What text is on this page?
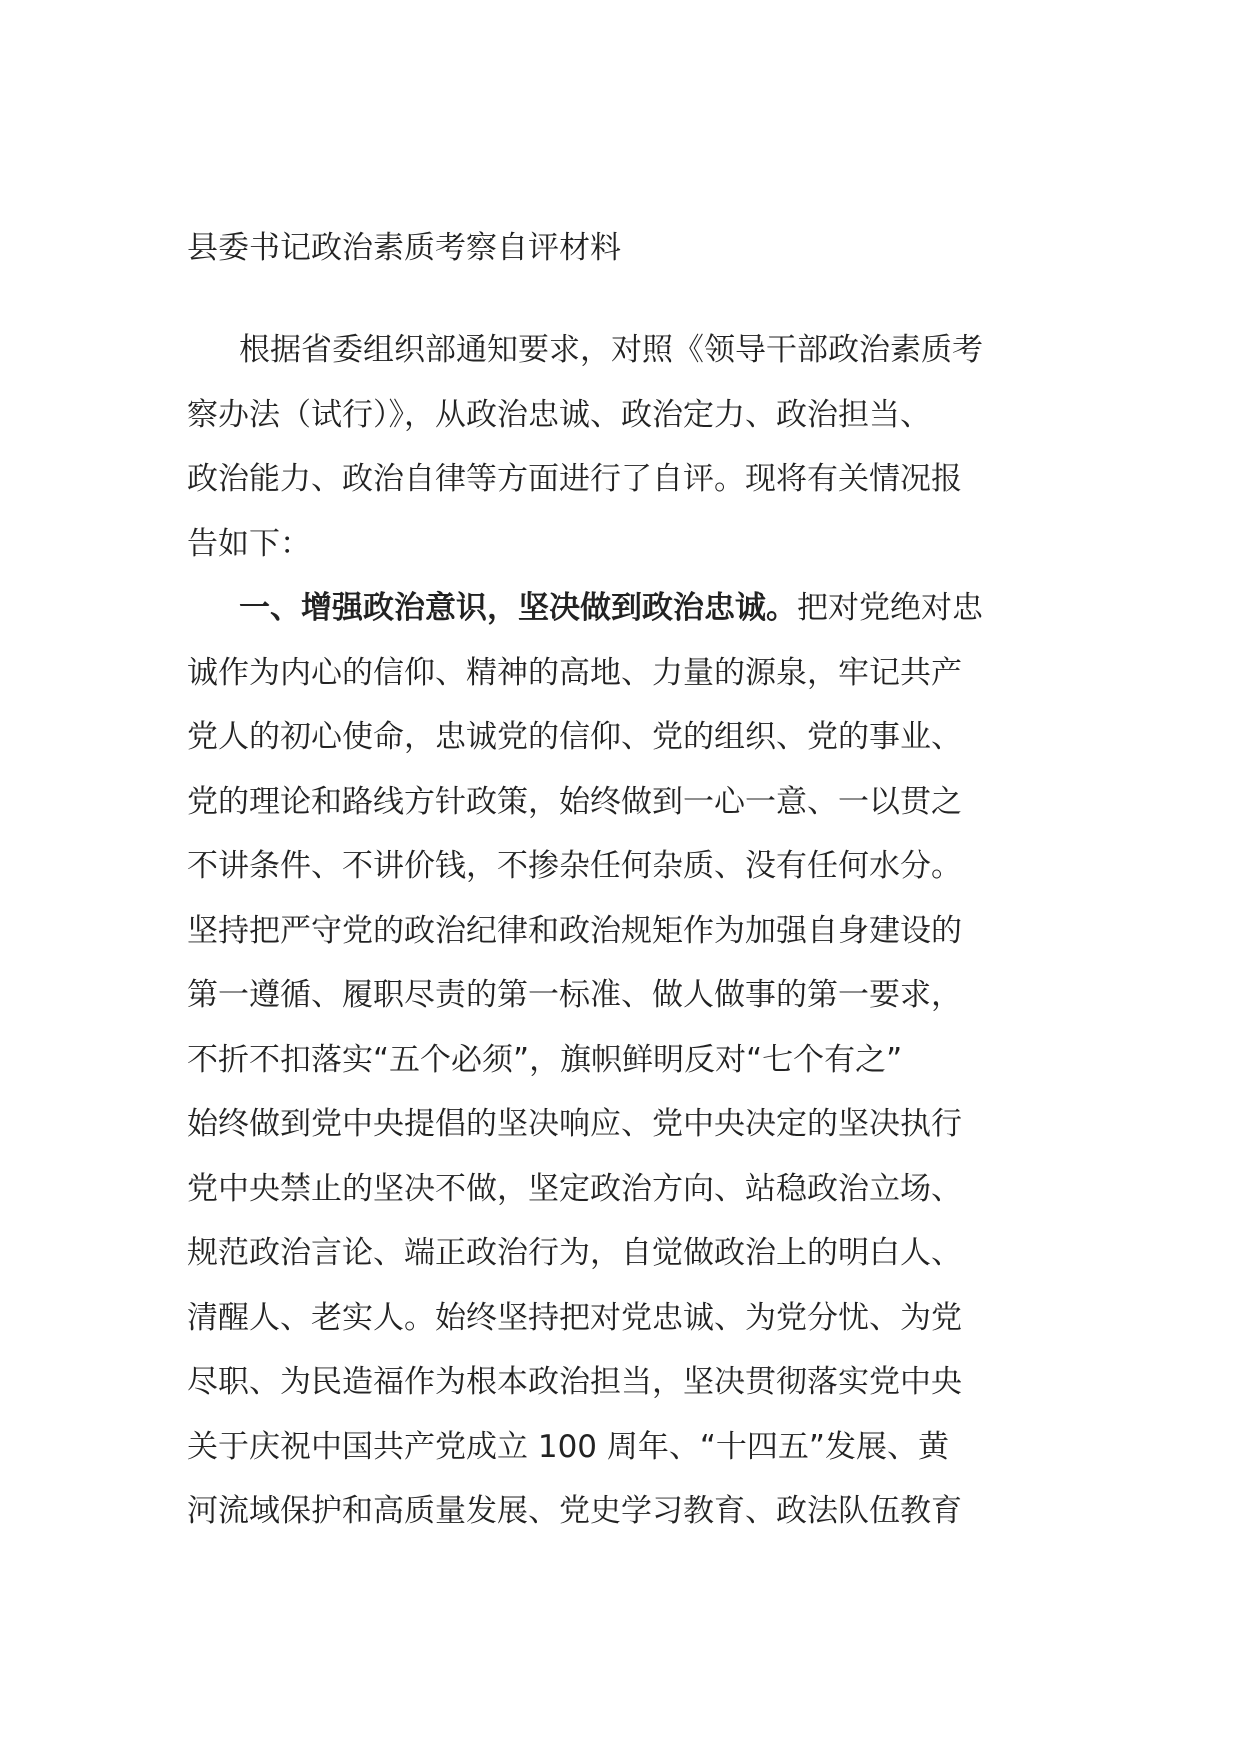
县委书记政治素质考察自评材料
根据省委组织部通知要求，对照《领导干部政治素质考
察办法（试行）》，从政治忠诚、政治定力、政治担当、
政治能力、政治自律等方面进行了自评。现将有关情况报
告如下：
一、增强政治意识，坚决做到政治忠诚。把对党绝对忠
诚作为内心的信仰、精神的高地、力量的源泉，牢记共产
党人的初心使命，忠诚党的信仰、党的组织、党的事业、
党的理论和路线方针政策，始终做到一心一意、一以贯之
不讲条件、不讲价钱，不掺杂任何杂质、没有任何水分。
坚持把严守党的政治纪律和政治规矩作为加强自身建设的
第一遵循、履职尽责的第一标准、做人做事的第一要求，
不折不扣落实“五个必须”，旗帜鲜明反对“七个有之”
始终做到党中央提倡的坚决响应、党中央决定的坚决执行
党中央禁止的坚决不做，坚定政治方向、站稳政治立场、
规范政治言论、端正政治行为，自觉做政治上的明白人、
清醒人、老实人。始终坚持把对党忠诚、为党分忧、为党
尽职、为民造福作为根本政治担当，坚决贯彻落实党中央
关于庆祝中国共产党成立 100 周年、“十四五”发展、黄
河流域保护和高质量发展、党史学习教育、政法队伍教育
